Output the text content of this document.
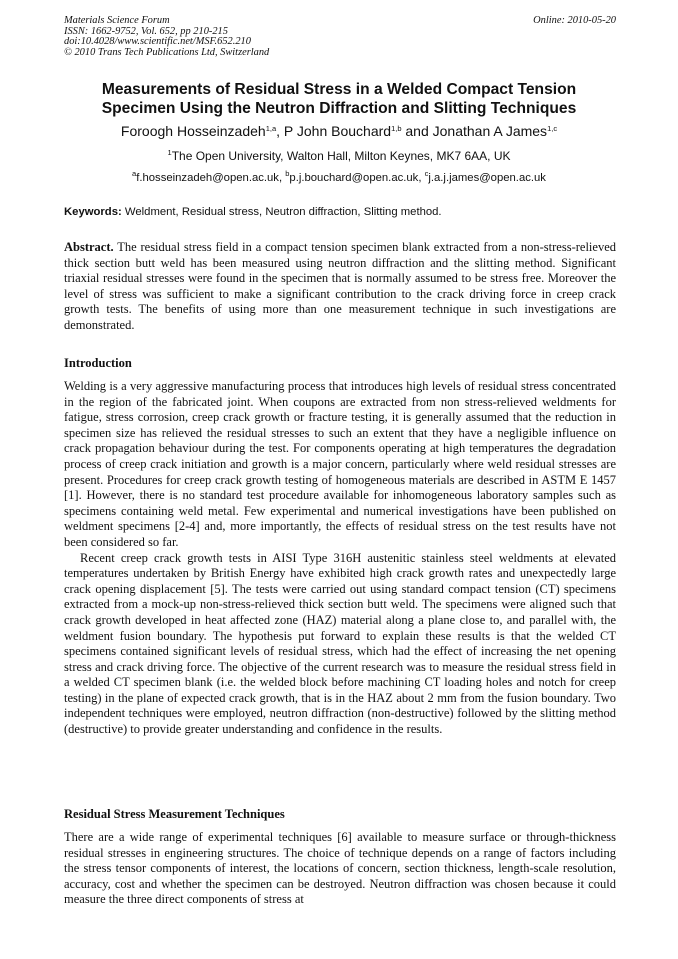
Materials Science Forum
ISSN: 1662-9752, Vol. 652, pp 210-215
doi:10.4028/www.scientific.net/MSF.652.210
© 2010 Trans Tech Publications Ltd, Switzerland
Online: 2010-05-20
Measurements of Residual Stress in a Welded Compact Tension
Specimen Using the Neutron Diffraction and Slitting Techniques
Foroogh Hosseinzadeh$^{1,a}$, P John Bouchard$^{1,b}$ and Jonathan A James$^{1,c}$
$^1$The Open University, Walton Hall, Milton Keynes, MK7 6AA, UK
$^a$f.hosseinzadeh@open.ac.uk, $^b$p.j.bouchard@open.ac.uk, $^c$j.a.j.james@open.ac.uk
Keywords: Weldment, Residual stress, Neutron diffraction, Slitting method.
Abstract. The residual stress field in a compact tension specimen blank extracted from a non-stress-relieved thick section butt weld has been measured using neutron diffraction and the slitting method. Significant triaxial residual stresses were found in the specimen that is normally assumed to be stress free. Moreover the level of stress was sufficient to make a significant contribution to the crack driving force in creep crack growth tests. The benefits of using more than one measurement technique in such investigations are demonstrated.
Introduction

Welding is a very aggressive manufacturing process that introduces high levels of residual stress concentrated in the region of the fabricated joint. When coupons are extracted from non stress-relieved weldments for fatigue, stress corrosion, creep crack growth or fracture testing, it is generally assumed that the reduction in specimen size has relieved the residual stresses to such an extent that they have a negligible influence on crack propagation behaviour during the test. For components operating at high temperatures the degradation process of creep crack initiation and growth is a major concern, particularly where weld residual stresses are present. Procedures for creep crack growth testing of homogeneous materials are described in ASTM E 1457 [1]. However, there is no standard test procedure available for inhomogeneous laboratory samples such as specimens containing weld metal. Few experimental and numerical investigations have been published on weldment specimens [2-4] and, more importantly, the effects of residual stress on the test results have not been considered so far.

Recent creep crack growth tests in AISI Type 316H austenitic stainless steel weldments at elevated temperatures undertaken by British Energy have exhibited high crack growth rates and unexpectedly large crack opening displacement [5]. The tests were carried out using standard compact tension (CT) specimens extracted from a mock-up non-stress-relieved thick section butt weld. The specimens were aligned such that crack growth developed in heat affected zone (HAZ) material along a plane close to, and parallel with, the weldment fusion boundary. The hypothesis put forward to explain these results is that the welded CT specimens contained significant levels of residual stress, which had the effect of increasing the net opening stress and crack driving force. The objective of the current research was to measure the residual stress field in a welded CT specimen blank (i.e. the welded block before machining CT loading holes and notch for creep testing) in the plane of expected crack growth, that is in the HAZ about 2 mm from the fusion boundary. Two independent techniques were employed, neutron diffraction (non-destructive) followed by the slitting method (destructive) to provide greater understanding and confidence in the results.

Residual Stress Measurement Techniques

There are a wide range of experimental techniques [6] available to measure surface or through-thickness residual stresses in engineering structures. The choice of technique depends on a range of factors including the stress tensor components of interest, the locations of concern, section thickness, length-scale resolution, accuracy, cost and whether the specimen can be destroyed. Neutron diffraction was chosen because it could measure the three direct components of stress at
